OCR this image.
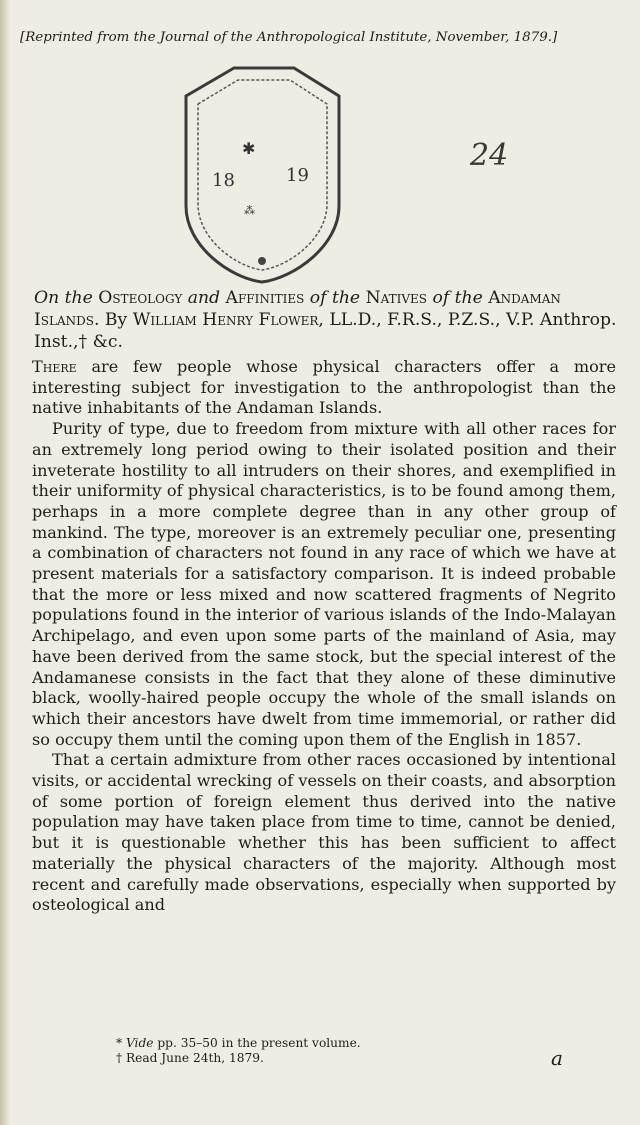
[Reprinted from the Journal of the Anthropological Institute, November, 1879.]
✱
18	19
⁂
24
On the Osteology and Affinities of the Natives of the Andaman Islands. By William Henry Flower, LL.D., F.R.S., P.Z.S., V.P. Anthrop. Inst.,† &c.

There are few people whose physical characters offer a more interesting subject for investigation to the anthropologist than the native inhabitants of the Andaman Islands.

Purity of type, due to freedom from mixture with all other races for an extremely long period owing to their isolated position and their inveterate hostility to all intruders on their shores, and exemplified in their uniformity of physical characteristics, is to be found among them, perhaps in a more complete degree than in any other group of mankind. The type, moreover is an extremely peculiar one, presenting a combination of characters not found in any race of which we have at present materials for a satisfactory comparison. It is indeed probable that the more or less mixed and now scattered fragments of Negrito populations found in the interior of various islands of the Indo-Malayan Archipelago, and even upon some parts of the mainland of Asia, may have been derived from the same stock, but the special interest of the Andamanese consists in the fact that they alone of these diminutive black, woolly-haired people occupy the whole of the small islands on which their ancestors have dwelt from time immemorial, or rather did so occupy them until the coming upon them of the English in 1857.

That a certain admixture from other races occasioned by intentional visits, or accidental wrecking of vessels on their coasts, and absorption of some portion of foreign element thus derived into the native population may have taken place from time to time, cannot be denied, but it is questionable whether this has been sufficient to affect materially the physical characters of the majority. Although most recent and carefully made observations, especially when supported by osteological and

* Vide pp. 35–50 in the present volume.
† Read June 24th, 1879.	a
